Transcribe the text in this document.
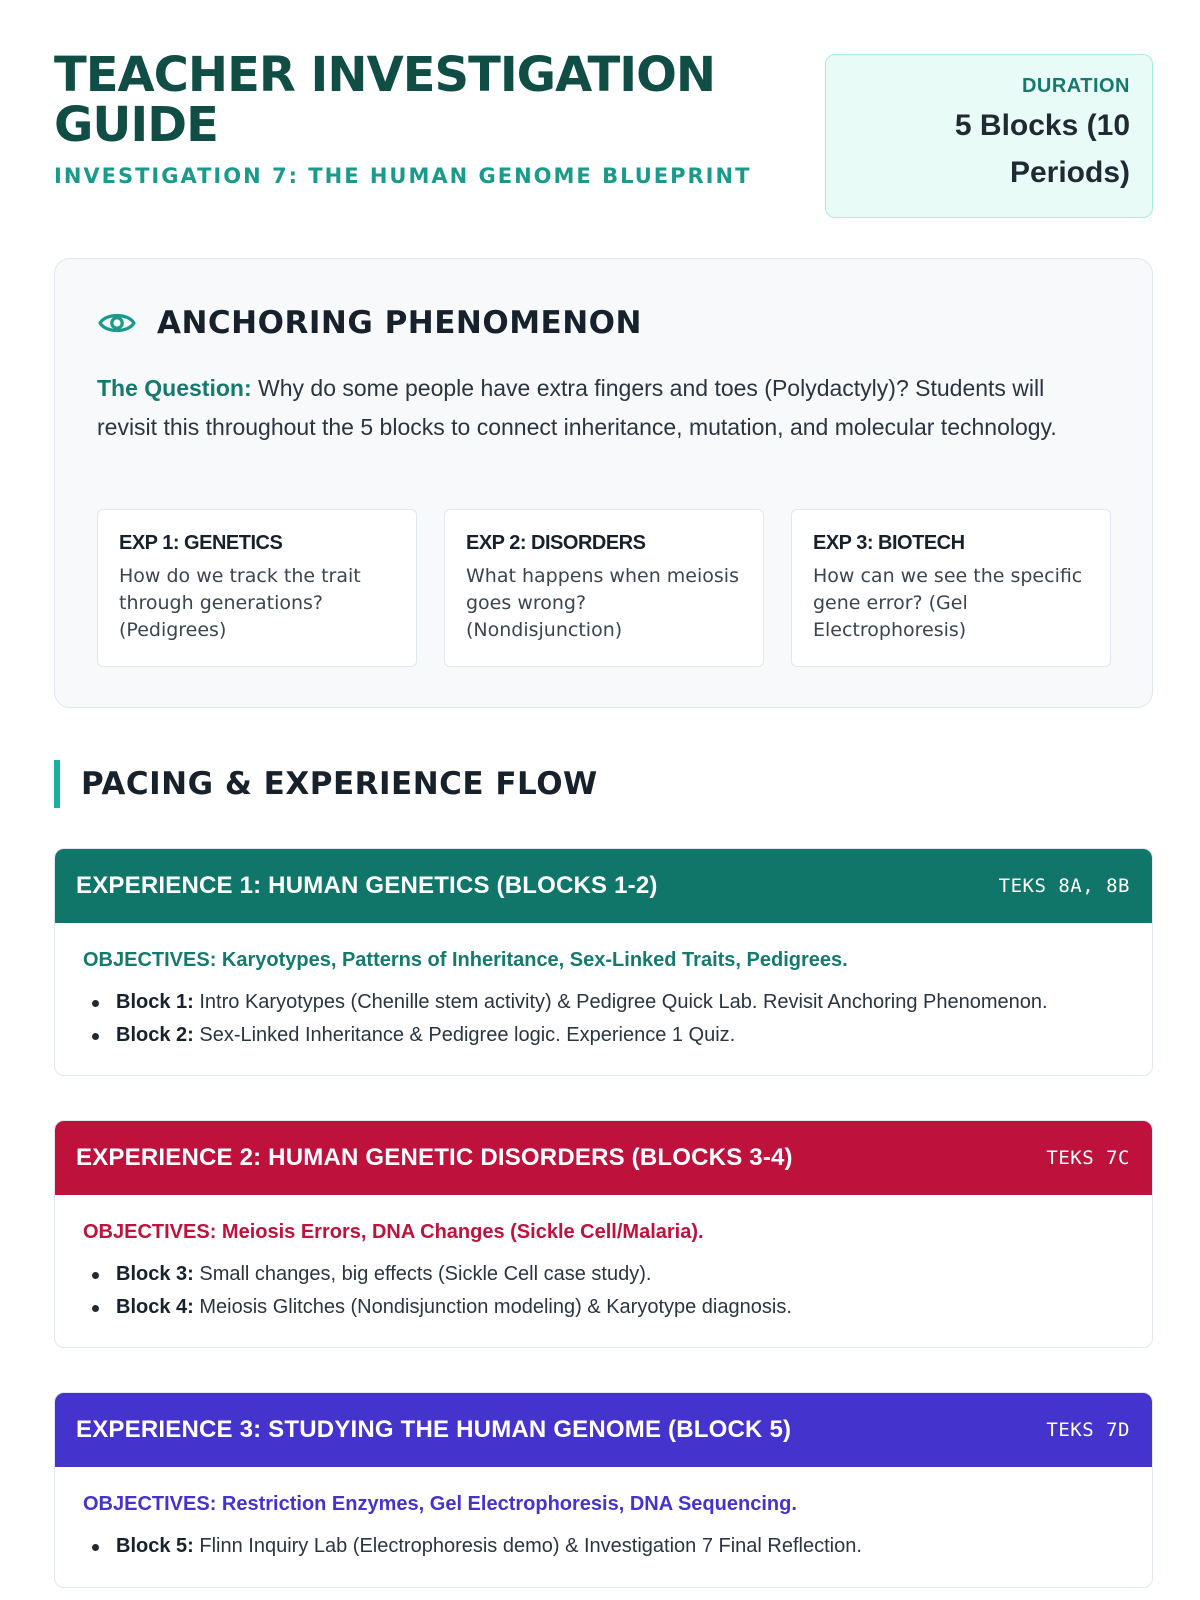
TEACHER INVESTIGATION
GUIDE
INVESTIGATION 7: THE HUMAN GENOME BLUEPRINT
DURATION
5 Blocks (10 Periods)
ANCHORING PHENOMENON
The Question: Why do some people have extra fingers and toes (Polydactyly)? Students will revisit this throughout the 5 blocks to connect inheritance, mutation, and molecular technology.
EXP 1: GENETICS
How do we track the trait through generations? (Pedigrees)
EXP 2: DISORDERS
What happens when meiosis goes wrong? (Nondisjunction)
EXP 3: BIOTECH
How can we see the specific gene error? (Gel Electrophoresis)
PACING & EXPERIENCE FLOW
EXPERIENCE 1: HUMAN GENETICS (BLOCKS 1-2)	TEKS 8A, 8B
OBJECTIVES: Karyotypes, Patterns of Inheritance, Sex-Linked Traits, Pedigrees.
Block 1: Intro Karyotypes (Chenille stem activity) & Pedigree Quick Lab. Revisit Anchoring Phenomenon.
Block 2: Sex-Linked Inheritance & Pedigree logic. Experience 1 Quiz.
EXPERIENCE 2: HUMAN GENETIC DISORDERS (BLOCKS 3-4)	TEKS 7C
OBJECTIVES: Meiosis Errors, DNA Changes (Sickle Cell/Malaria).
Block 3: Small changes, big effects (Sickle Cell case study).
Block 4: Meiosis Glitches (Nondisjunction modeling) & Karyotype diagnosis.
EXPERIENCE 3: STUDYING THE HUMAN GENOME (BLOCK 5)	TEKS 7D
OBJECTIVES: Restriction Enzymes, Gel Electrophoresis, DNA Sequencing.
Block 5: Flinn Inquiry Lab (Electrophoresis demo) & Investigation 7 Final Reflection.
